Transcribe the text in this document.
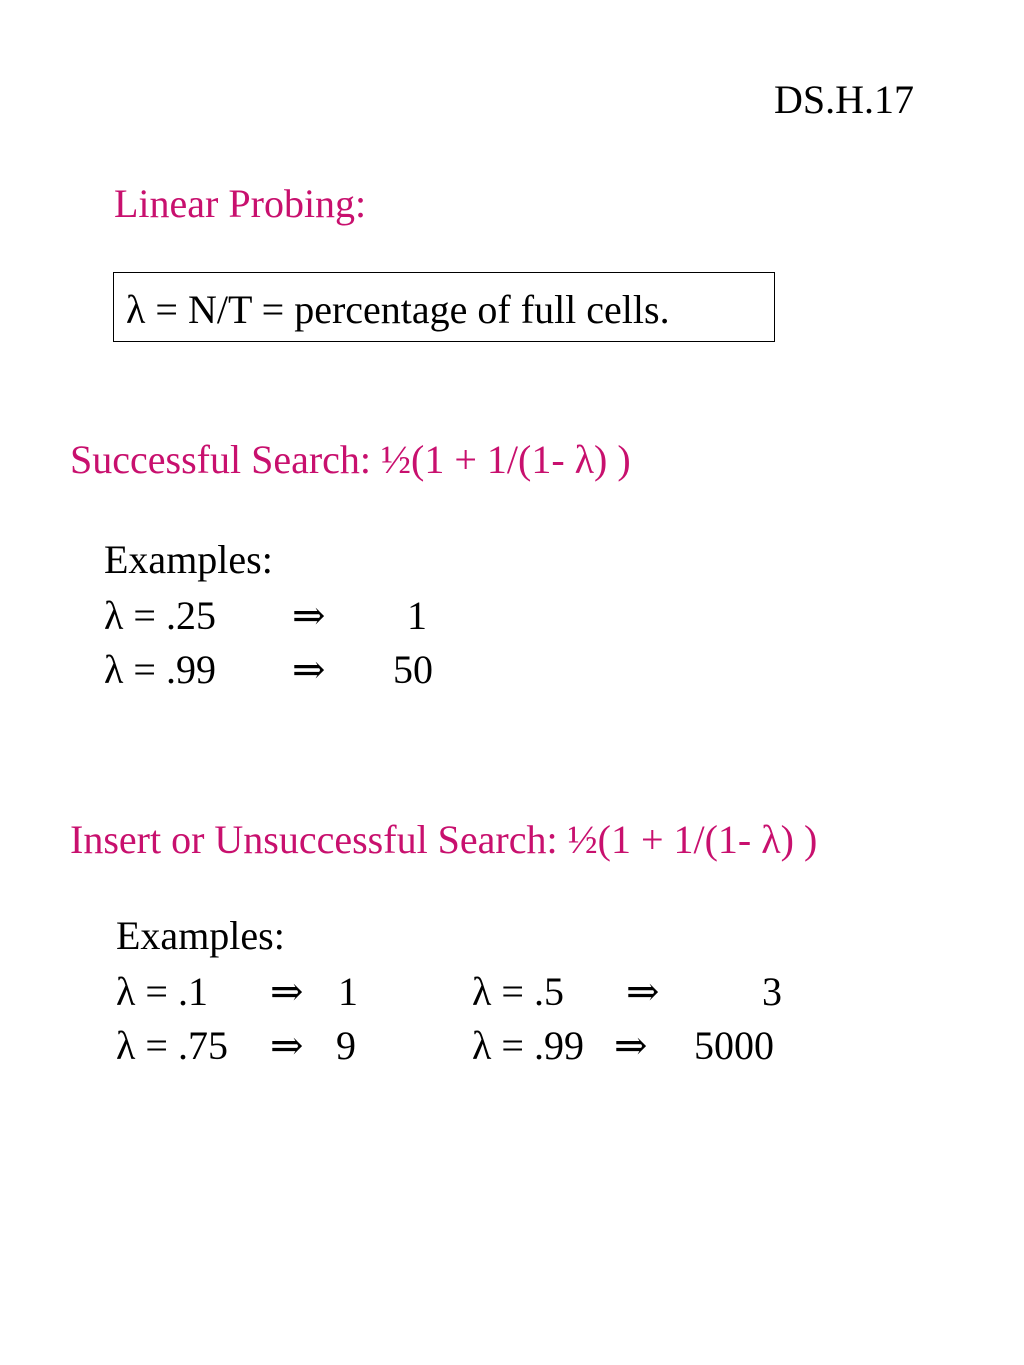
DS.H.17
Linear Probing:
λ = N/T = percentage of full cells.
Successful Search: ½(1 + 1/(1- λ) )
Examples:
λ = .25 ⇒ 1
λ = .99 ⇒ 50
Insert or Unsuccessful Search: ½(1 + 1/(1- λ) )
Examples:
λ = .1 ⇒ 1
λ = .75 ⇒ 9
λ = .5 ⇒	3
λ = .99 ⇒ 5000
